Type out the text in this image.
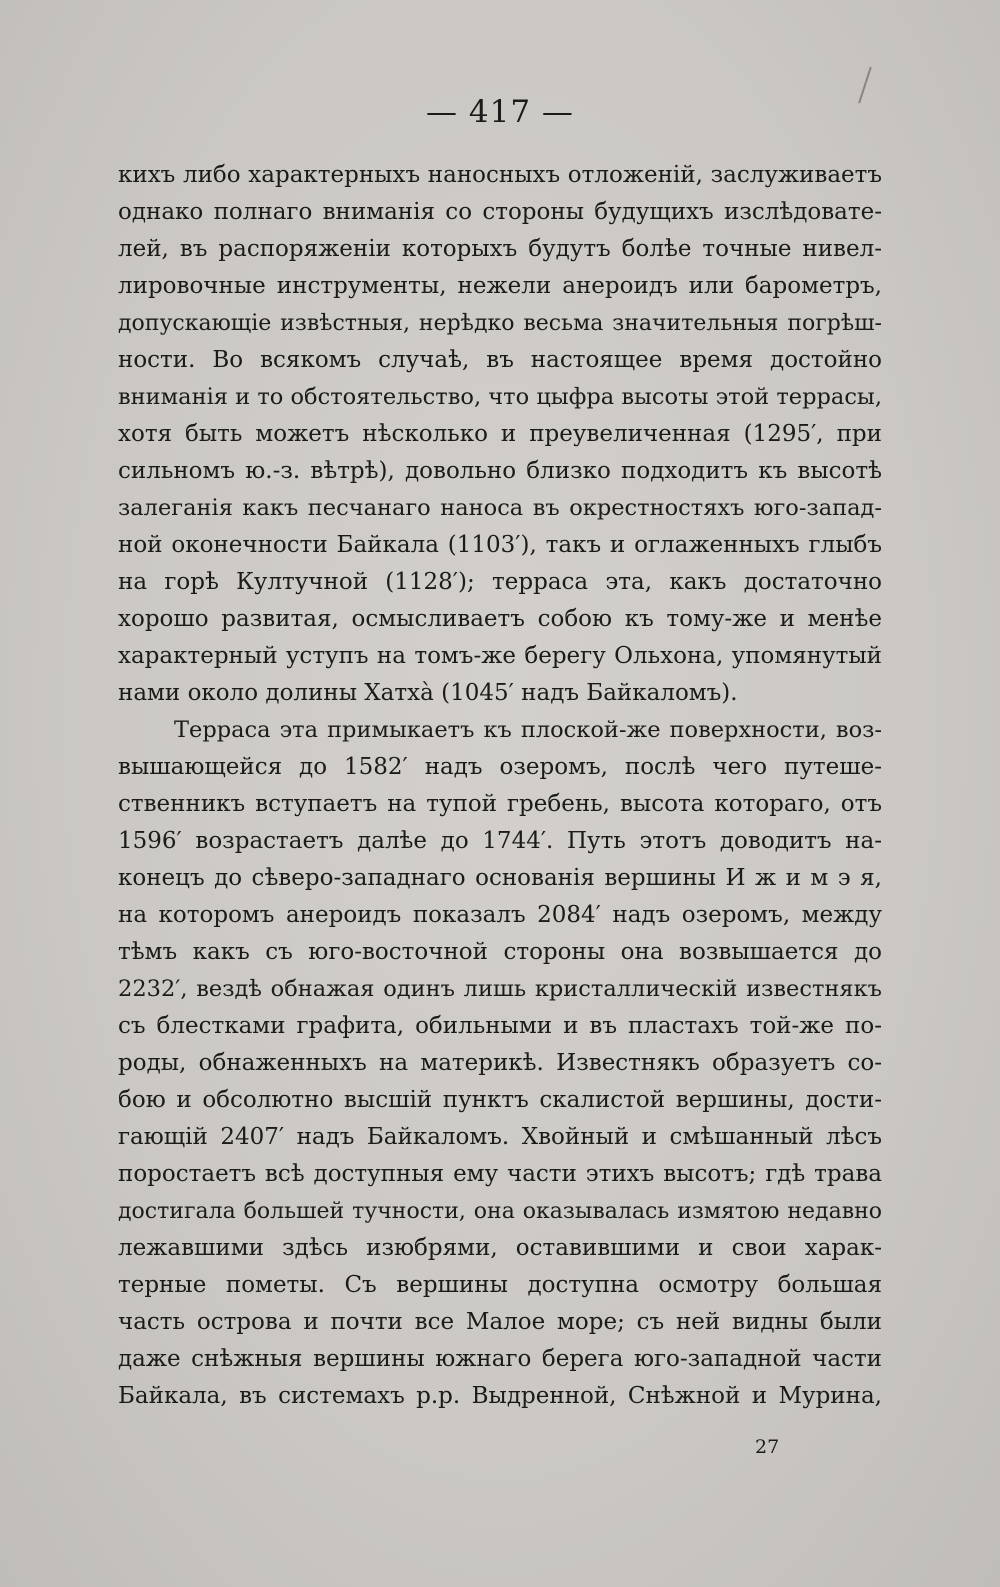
— 417 —
кихъ либо характерныхъ наносныхъ отложеній, заслуживаетъ
однако полнаго вниманія со стороны будущихъ изслѣдовате-
лей, въ распоряженіи которыхъ будутъ болѣе точные нивел-
лировочные инструменты, нежели анероидъ или барометръ,
допускающіе извѣстныя, нерѣдко весьма значительныя погрѣш-
ности. Во всякомъ случаѣ, въ настоящее время достойно
вниманія и то обстоятельство, что цыфра высоты этой террасы,
хотя быть можетъ нѣсколько и преувеличенная (1295′, при
сильномъ ю.-з. вѣтрѣ), довольно близко подходитъ къ высотѣ
залеганія какъ песчанаго наноса въ окрестностяхъ юго-запад-
ной оконечности Байкала (1103′), такъ и оглаженныхъ глыбъ
на горѣ Култучной (1128′); терраса эта, какъ достаточно
хорошо развитая, осмысливаетъ собою къ тому-же и менѣе
характерный уступъ на томъ-же берегу Ольхона, упомянутый
нами около долины Хатха̀ (1045′ надъ Байкаломъ).
Терраса эта примыкаетъ къ плоской-же поверхности, воз-
вышающейся до 1582′ надъ озеромъ, послѣ чего путеше-
ственникъ вступаетъ на тупой гребень, высота котораго, отъ
1596′ возрастаетъ далѣе до 1744′. Путь этотъ доводитъ на-
конецъ до сѣверо-западнаго основанія вершины И ж и м э я,
на которомъ анероидъ показалъ 2084′ надъ озеромъ, между
тѣмъ какъ съ юго-восточной стороны она возвышается до
2232′, вездѣ обнажая одинъ лишь кристаллическій известнякъ
съ блестками графита, обильными и въ пластахъ той-же по-
роды, обнаженныхъ на материкѣ. Известнякъ образуетъ со-
бою и обсолютно высшій пунктъ скалистой вершины, дости-
гающій 2407′ надъ Байкаломъ. Хвойный и смѣшанный лѣсъ
поростаетъ всѣ доступныя ему части этихъ высотъ; гдѣ трава
достигала большей тучности, она оказывалась измятою недавно
лежавшими здѣсь изюбрями, оставившими и свои харак-
терные пометы. Съ вершины доступна осмотру большая
часть острова и почти все Малое море; съ ней видны были
даже снѣжныя вершины южнаго берега юго-западной части
Байкала, въ системахъ р.р. Выдренной, Снѣжной и Мурина,
27
